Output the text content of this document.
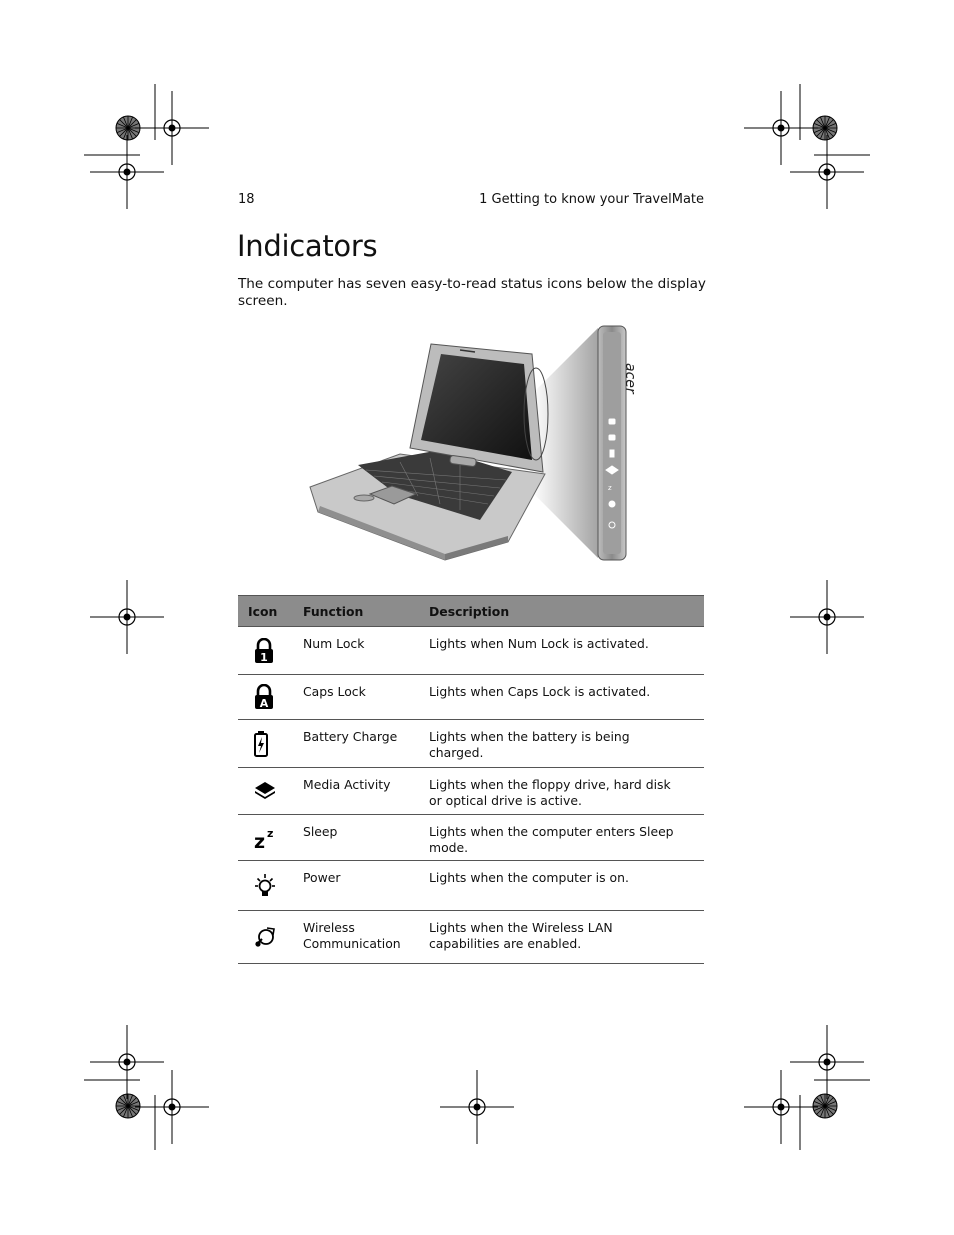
18	1 Getting to know your TravelMate
Indicators

The computer has seven easy-to-read status icons below the display screen.

acer
z
Icon	Function	Description

1	Num Lock	Lights when Num Lock is activated.

A	Caps Lock	Lights when Caps Lock is activated.

	Battery Charge	Lights when the battery is being charged.

	Media Activity	Lights when the floppy drive, hard disk or optical drive is active.

z z	Sleep	Lights when the computer enters Sleep mode.

	Power	Lights when the computer is on.

	Wireless Communication	Lights when the Wireless LAN capabilities are enabled.
